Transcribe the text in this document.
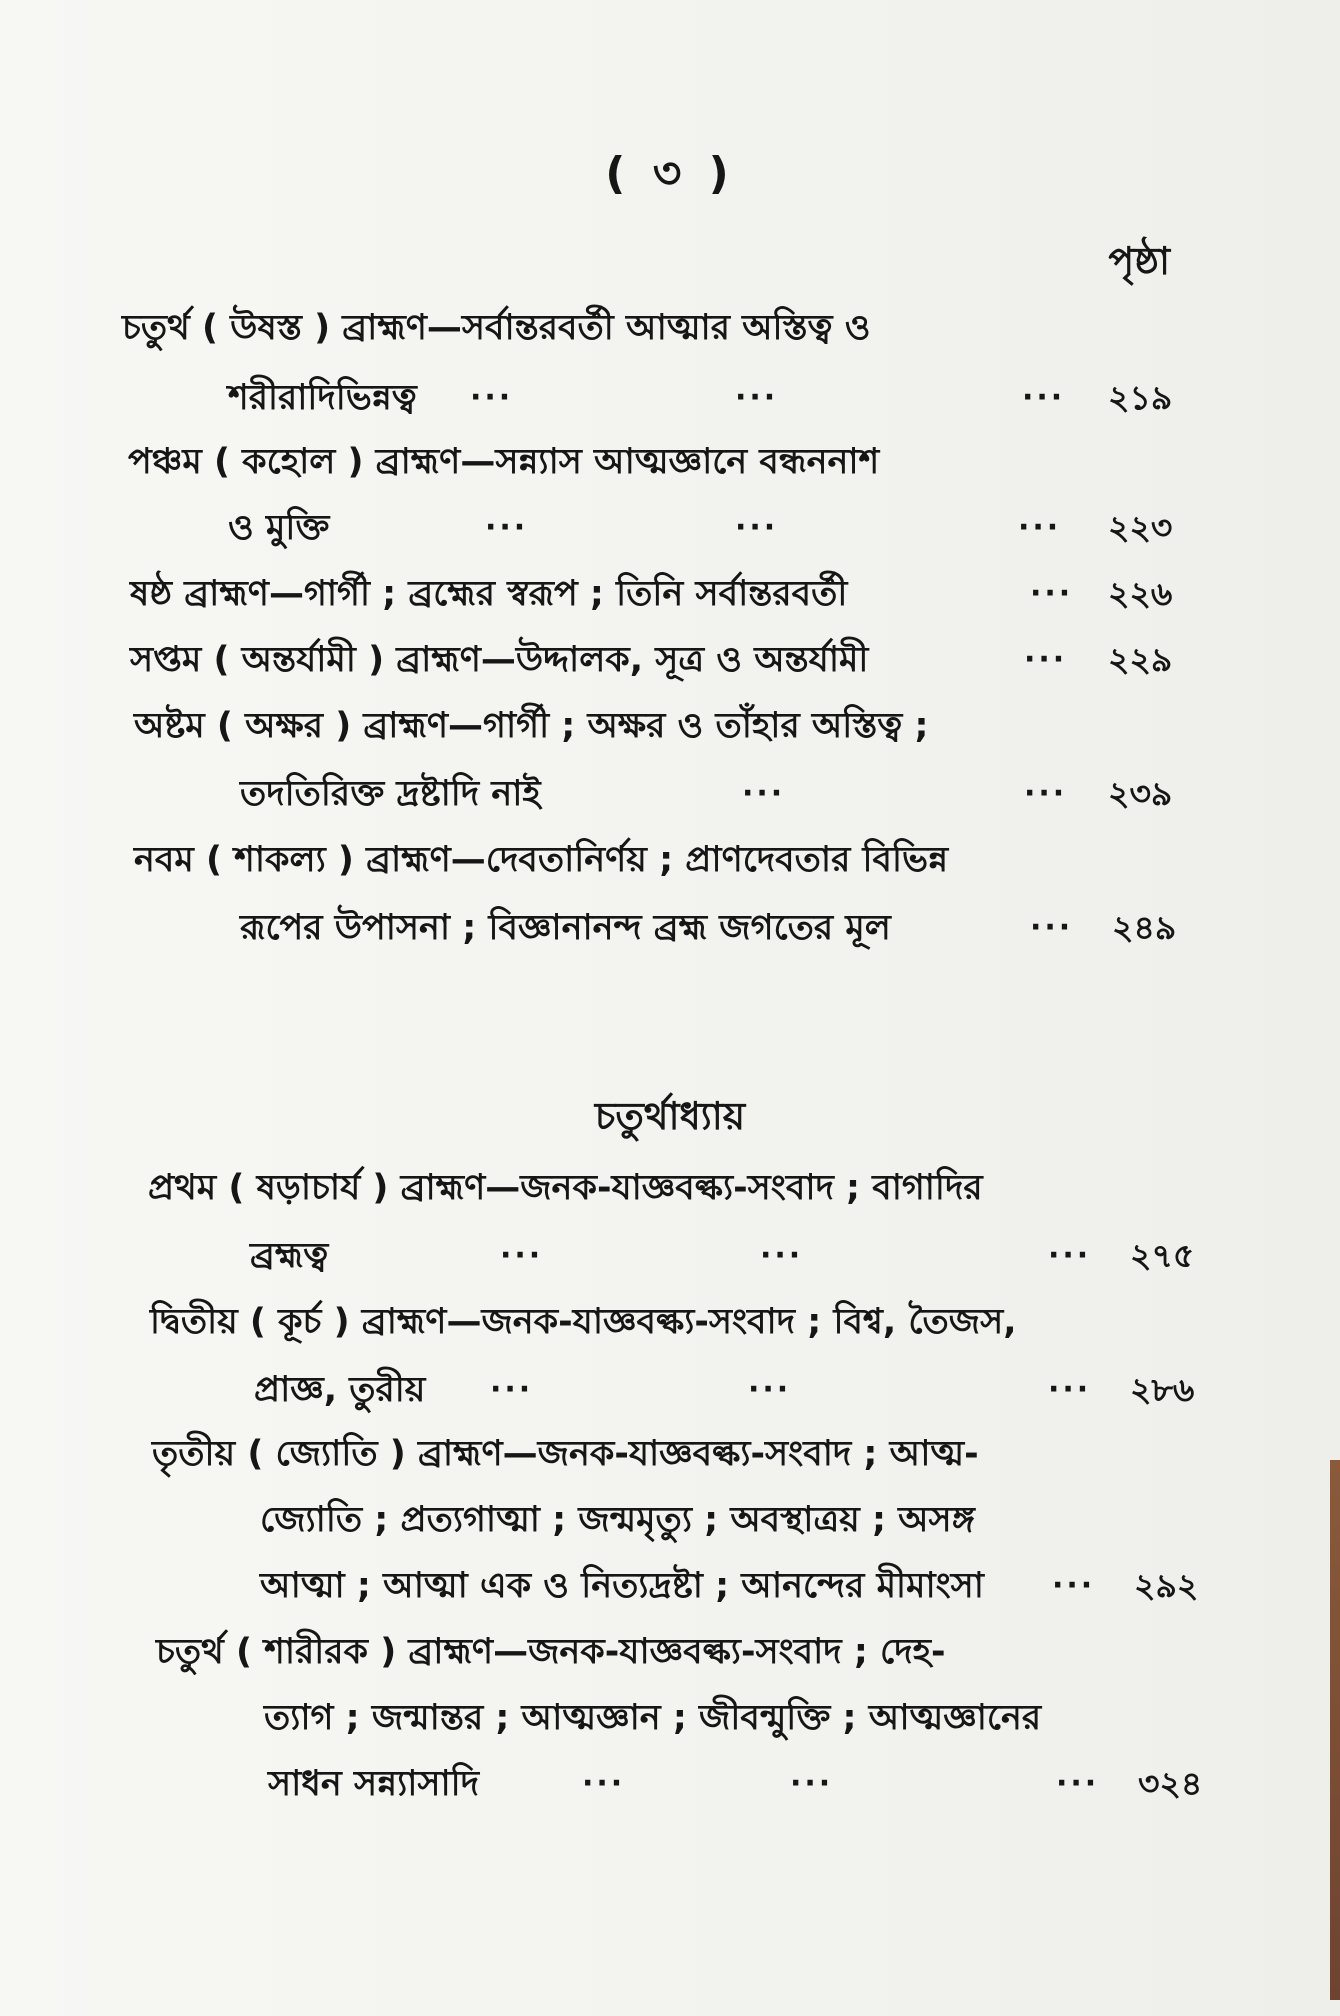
( ৩ )
পৃষ্ঠা
চতুর্থ ( উষস্ত ) ব্রাহ্মণ—সর্বান্তরবর্তী আত্মার অস্তিত্ব ও
শরীরাদিভিন্নত্ব ···	···	··· ২১৯
পঞ্চম ( কহোল ) ব্রাহ্মণ—সন্ন্যাস আত্মজ্ঞানে বন্ধননাশ
ও মুক্তি	···	···	··· ২২৩
ষষ্ঠ ব্রাহ্মণ—গার্গী ; ব্রহ্মের স্বরূপ ; তিনি সর্বান্তরবর্তী	··· ২২৬
সপ্তম ( অন্তর্যামী ) ব্রাহ্মণ—উদ্দালক, সূত্র ও অন্তর্যামী	··· ২২৯
অষ্টম ( অক্ষর ) ব্রাহ্মণ—গার্গী ; অক্ষর ও তাঁহার অস্তিত্ব ;
তদতিরিক্ত দ্রষ্টাদি নাই	···	··· ২৩৯
নবম ( শাকল্য ) ব্রাহ্মণ—দেবতানির্ণয় ; প্রাণদেবতার বিভিন্ন
রূপের উপাসনা ; বিজ্ঞানানন্দ ব্রহ্ম জগতের মূল	··· ২৪৯
চতুর্থাধ্যায়
প্রথম ( ষড়াচার্য ) ব্রাহ্মণ—জনক-যাজ্ঞবল্ক্য-সংবাদ ; বাগাদির
ব্রহ্মত্ব	···	···	··· ২৭৫
দ্বিতীয় ( কূর্চ ) ব্রাহ্মণ—জনক-যাজ্ঞবল্ক্য-সংবাদ ; বিশ্ব, তৈজস,
প্রাজ্ঞ, তুরীয় ···	···	··· ২৮৬
তৃতীয় ( জ্যোতি ) ব্রাহ্মণ—জনক-যাজ্ঞবল্ক্য-সংবাদ ; আত্ম-
জ্যোতি ; প্রত্যগাত্মা ; জন্মমৃত্যু ; অবস্থাত্রয় ; অসঙ্গ
আত্মা ; আত্মা এক ও নিত্যদ্রষ্টা ; আনন্দের মীমাংসা ··· ২৯২
চতুর্থ ( শারীরক ) ব্রাহ্মণ—জনক-যাজ্ঞবল্ক্য-সংবাদ ; দেহ-
ত্যাগ ; জন্মান্তর ; আত্মজ্ঞান ; জীবন্মুক্তি ; আত্মজ্ঞানের
সাধন সন্ন্যাসাদি	···	···	··· ৩২৪
